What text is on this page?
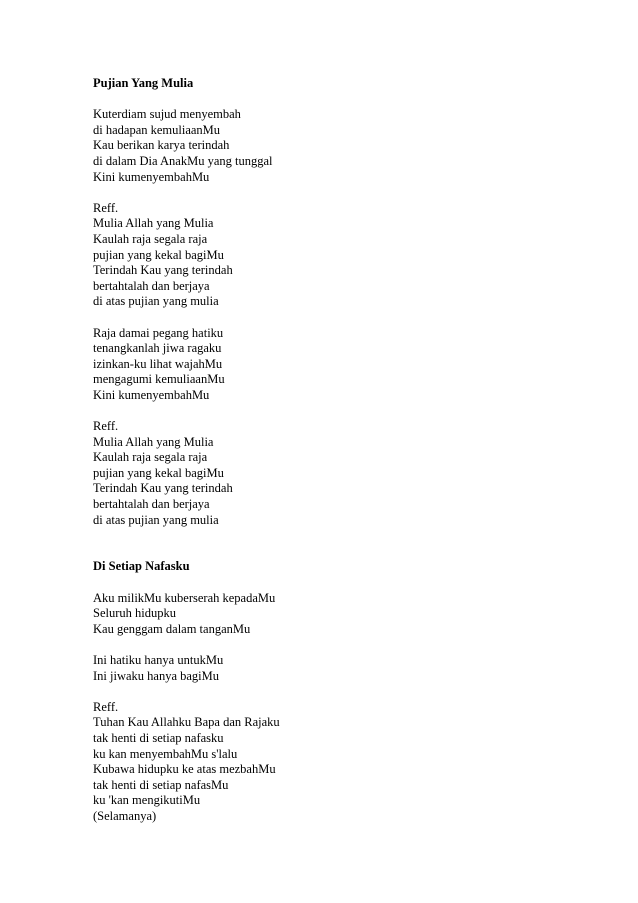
Pujian Yang Mulia
Kuterdiam sujud menyembah
di hadapan kemuliaanMu
Kau berikan karya terindah
di dalam Dia AnakMu yang tunggal
Kini kumenyembahMu
Reff.
Mulia Allah yang Mulia
Kaulah raja segala raja
pujian yang kekal bagiMu
Terindah Kau yang terindah
bertahtalah dan berjaya
di atas pujian yang mulia
Raja damai pegang hatiku
tenangkanlah jiwa ragaku
izinkan-ku lihat wajahMu
mengagumi kemuliaanMu
Kini kumenyembahMu
Reff.
Mulia Allah yang Mulia
Kaulah raja segala raja
pujian yang kekal bagiMu
Terindah Kau yang terindah
bertahtalah dan berjaya
di atas pujian yang mulia
Di Setiap Nafasku
Aku milikMu kuberserah kepadaMu
Seluruh hidupku
Kau genggam dalam tanganMu
Ini hatiku hanya untukMu
Ini jiwaku hanya bagiMu
Reff.
Tuhan Kau Allahku Bapa dan Rajaku
tak henti di setiap nafasku
ku kan menyembahMu s'lalu
Kubawa hidupku ke atas mezbahMu
tak henti di setiap nafasMu
ku 'kan mengikutiMu
(Selamanya)
